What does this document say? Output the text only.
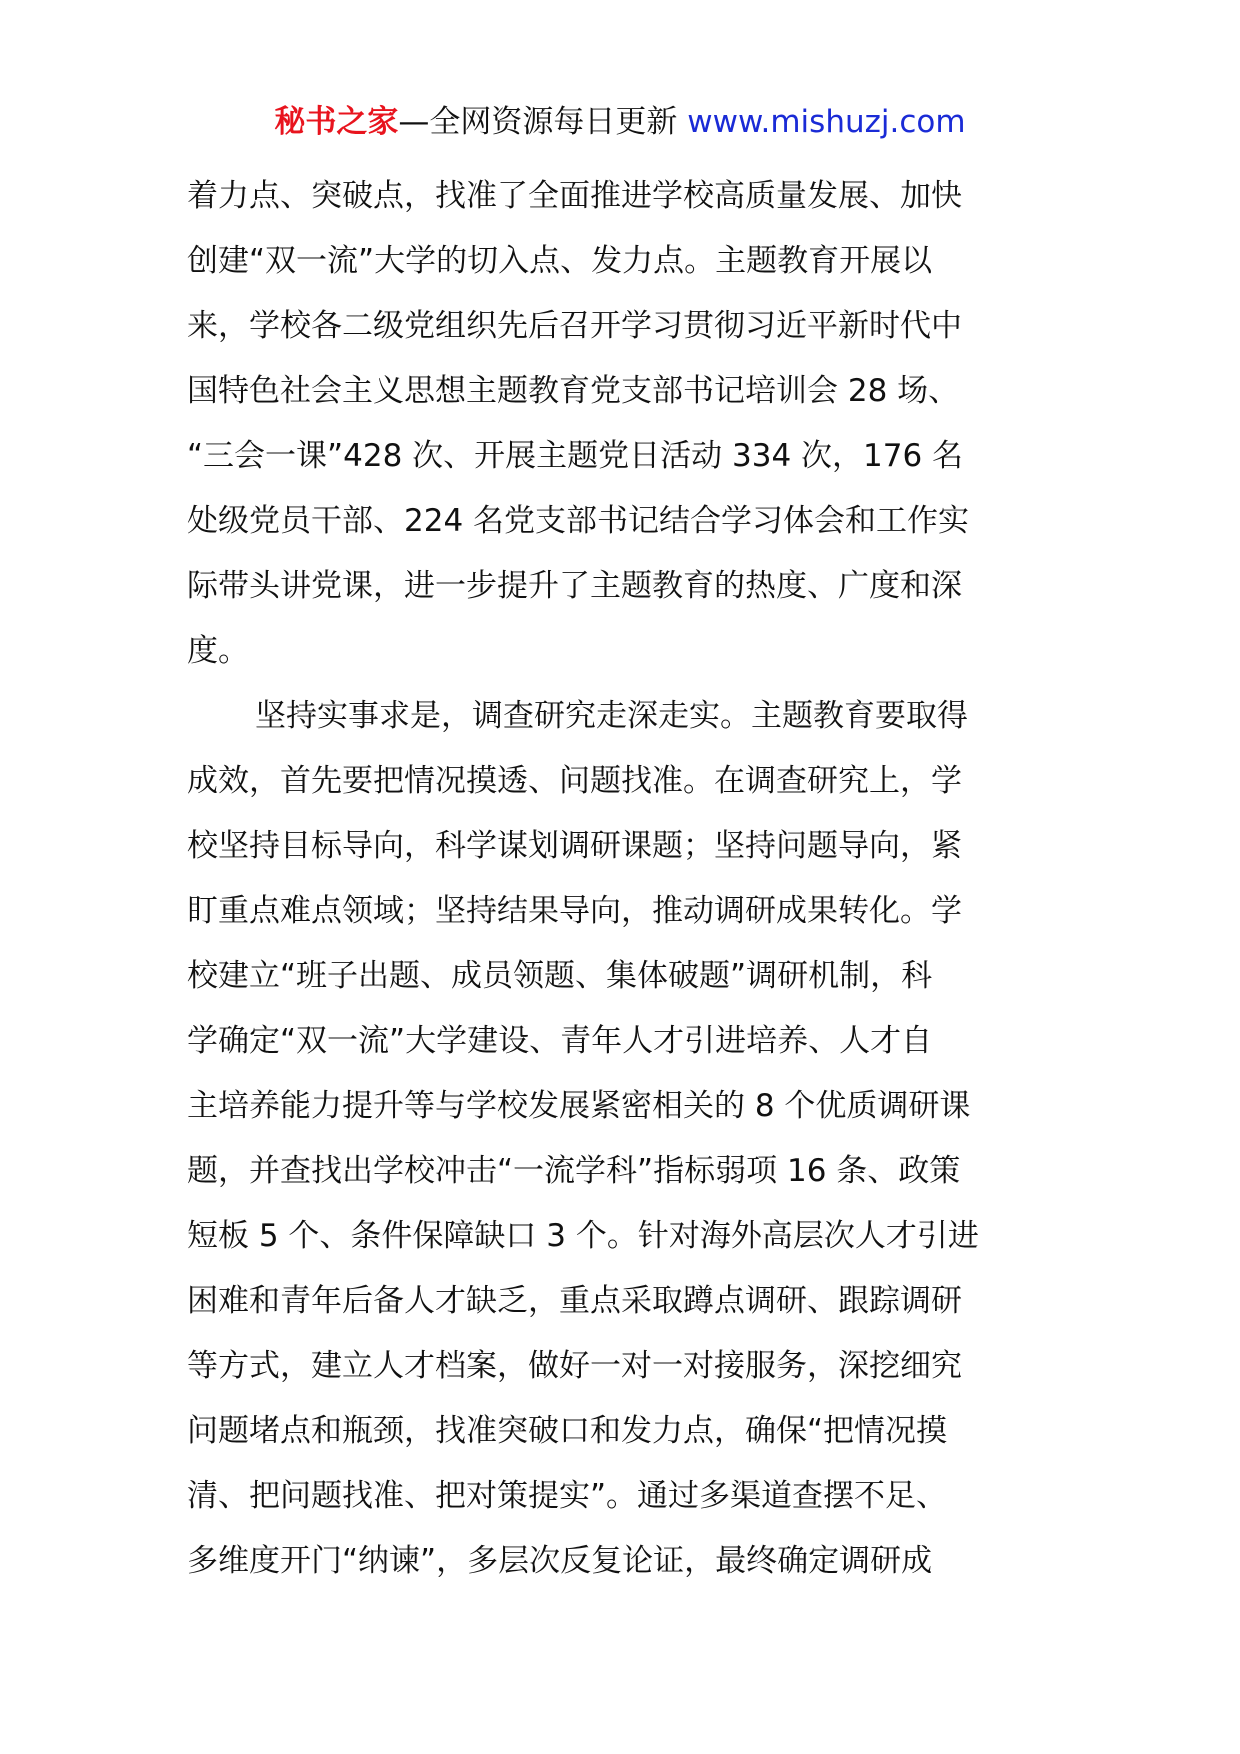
秘书之家—全网资源每日更新 www.mishuzj.com
着力点、突破点，找准了全面推进学校高质量发展、加快
创建“双一流”大学的切入点、发力点。主题教育开展以
来，学校各二级党组织先后召开学习贯彻习近平新时代中
国特色社会主义思想主题教育党支部书记培训会 28 场、
“三会一课”428 次、开展主题党日活动 334 次，176 名
处级党员干部、224 名党支部书记结合学习体会和工作实
际带头讲党课，进一步提升了主题教育的热度、广度和深
度。
坚持实事求是，调查研究走深走实。主题教育要取得
成效，首先要把情况摸透、问题找准。在调查研究上，学
校坚持目标导向，科学谋划调研课题；坚持问题导向，紧
盯重点难点领域；坚持结果导向，推动调研成果转化。学
校建立“班子出题、成员领题、集体破题”调研机制，科
学确定“双一流”大学建设、青年人才引进培养、人才自
主培养能力提升等与学校发展紧密相关的 8 个优质调研课
题，并查找出学校冲击“一流学科”指标弱项 16 条、政策
短板 5 个、条件保障缺口 3 个。针对海外高层次人才引进
困难和青年后备人才缺乏，重点采取蹲点调研、跟踪调研
等方式，建立人才档案，做好一对一对接服务，深挖细究
问题堵点和瓶颈，找准突破口和发力点，确保“把情况摸
清、把问题找准、把对策提实”。通过多渠道查摆不足、
多维度开门“纳谏”，多层次反复论证，最终确定调研成
